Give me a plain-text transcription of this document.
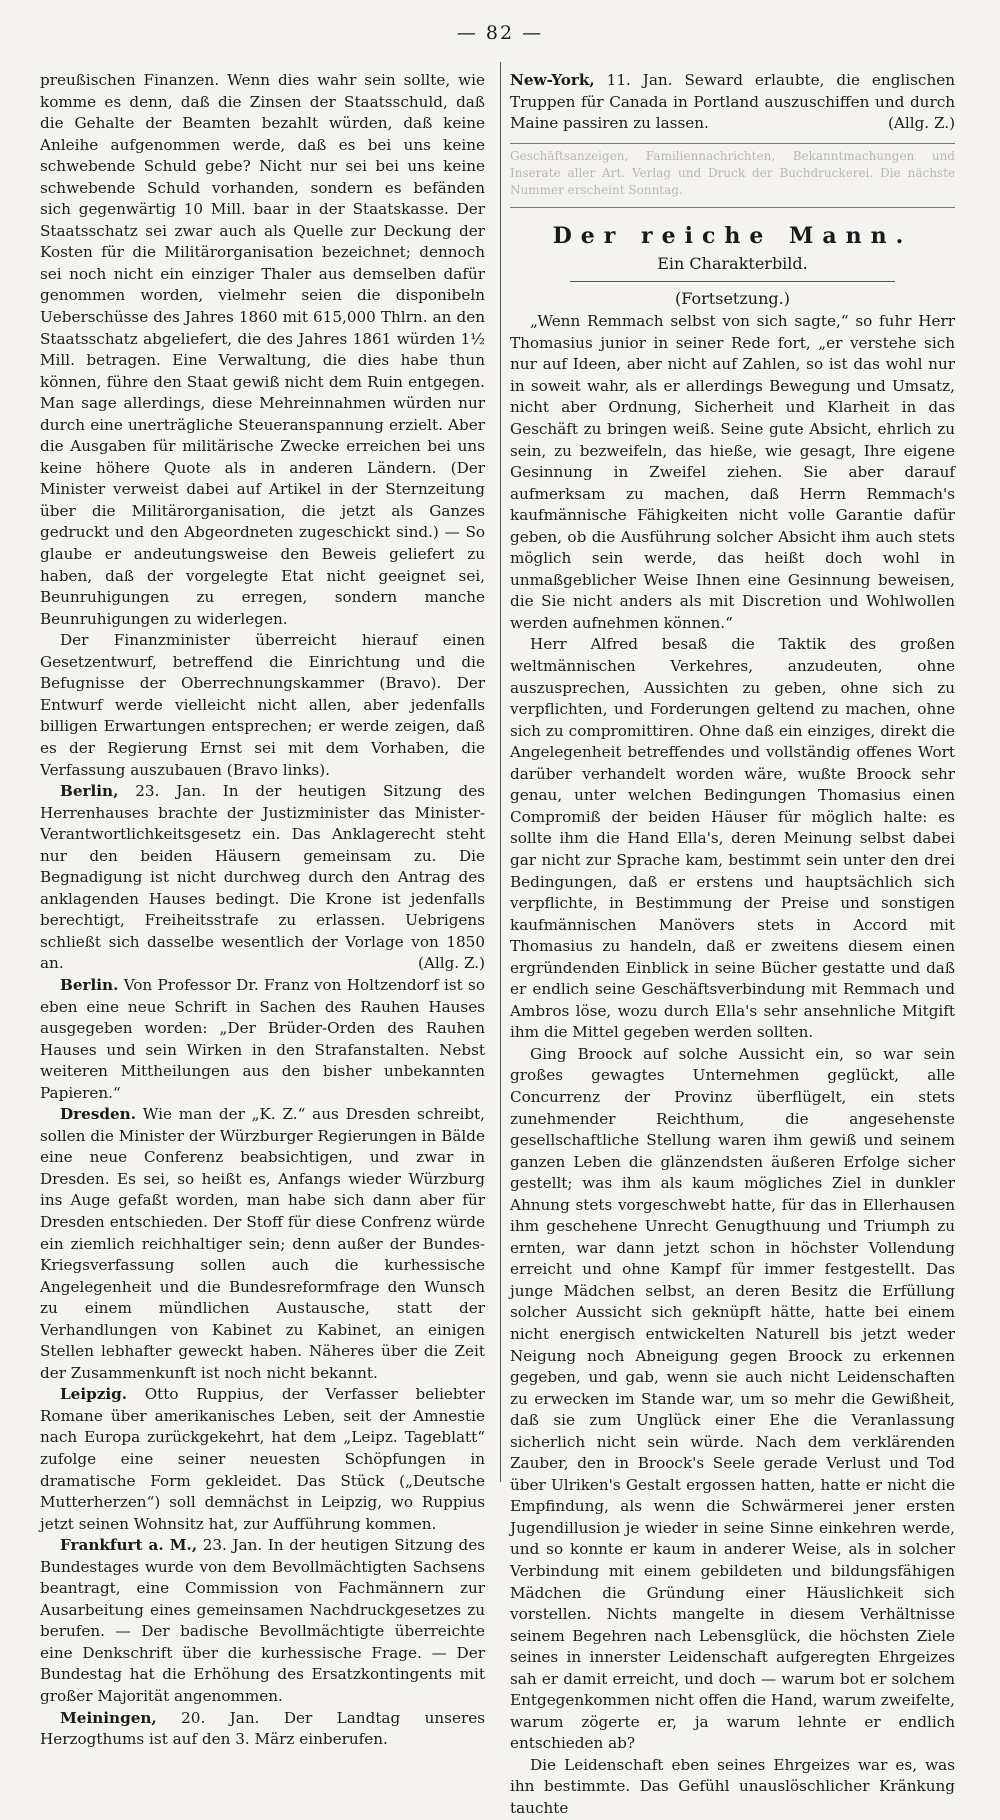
— 82 —

preußischen Finanzen. Wenn dies wahr sein sollte, wie komme es denn, daß die Zinsen der Staatsschuld, daß die Gehalte der Beamten bezahlt würden, daß keine Anleihe aufgenommen werde, daß es bei uns keine schwebende Schuld gebe? Nicht nur sei bei uns keine schwebende Schuld vorhanden, sondern es befänden sich gegenwärtig 10 Mill. baar in der Staatskasse. Der Staatsschatz sei zwar auch als Quelle zur Deckung der Kosten für die Militärorganisation bezeichnet; dennoch sei noch nicht ein einziger Thaler aus demselben dafür genommen worden, vielmehr seien die disponibeln Ueberschüsse des Jahres 1860 mit 615,000 Thlrn. an den Staatsschatz abgeliefert, die des Jahres 1861 würden 1½ Mill. betragen. Eine Verwaltung, die dies habe thun können, führe den Staat gewiß nicht dem Ruin entgegen. Man sage allerdings, diese Mehreinnahmen würden nur durch eine unerträgliche Steueranspannung erzielt. Aber die Ausgaben für militärische Zwecke erreichen bei uns keine höhere Quote als in anderen Ländern. (Der Minister verweist dabei auf Artikel in der Sternzeitung über die Militärorganisation, die jetzt als Ganzes gedruckt und den Abgeordneten zugeschickt sind.) — So glaube er andeutungsweise den Beweis geliefert zu haben, daß der vorgelegte Etat nicht geeignet sei, Beunruhigungen zu erregen, sondern manche Beunruhigungen zu widerlegen.

Der Finanzminister überreicht hierauf einen Gesetzentwurf, betreffend die Einrichtung und die Befugnisse der Oberrechnungskammer (Bravo). Der Entwurf werde vielleicht nicht allen, aber jedenfalls billigen Erwartungen entsprechen; er werde zeigen, daß es der Regierung Ernst sei mit dem Vorhaben, die Verfassung auszubauen (Bravo links).

Berlin, 23. Jan. In der heutigen Sitzung des Herrenhauses brachte der Justizminister das Minister-Verantwortlichkeitsgesetz ein. Das Anklagerecht steht nur den beiden Häusern gemeinsam zu. Die Begnadigung ist nicht durchweg durch den Antrag des anklagenden Hauses bedingt. Die Krone ist jedenfalls berechtigt, Freiheitsstrafe zu erlassen. Uebrigens schließt sich dasselbe wesentlich der Vorlage von 1850 an.	(Allg. Z.)

Berlin. Von Professor Dr. Franz von Holtzendorf ist so eben eine neue Schrift in Sachen des Rauhen Hauses ausgegeben worden: „Der Brüder-Orden des Rauhen Hauses und sein Wirken in den Strafanstalten. Nebst weiteren Mittheilungen aus den bisher unbekannten Papieren.“

Dresden. Wie man der „K. Z.“ aus Dresden schreibt, sollen die Minister der Würzburger Regierungen in Bälde eine neue Conferenz beabsichtigen, und zwar in Dresden. Es sei, so heißt es, Anfangs wieder Würzburg ins Auge gefaßt worden, man habe sich dann aber für Dresden entschieden. Der Stoff für diese Confrenz würde ein ziemlich reichhaltiger sein; denn außer der Bundes-Kriegsverfassung sollen auch die kurhessische Angelegenheit und die Bundesreformfrage den Wunsch zu einem mündlichen Austausche, statt der Verhandlungen von Kabinet zu Kabinet, an einigen Stellen lebhafter geweckt haben. Näheres über die Zeit der Zusammenkunft ist noch nicht bekannt.

Leipzig. Otto Ruppius, der Verfasser beliebter Romane über amerikanisches Leben, seit der Amnestie nach Europa zurückgekehrt, hat dem „Leipz. Tageblatt“ zufolge eine seiner neuesten Schöpfungen in dramatische Form gekleidet. Das Stück („Deutsche Mutterherzen“) soll demnächst in Leipzig, wo Ruppius jetzt seinen Wohnsitz hat, zur Aufführung kommen.

Frankfurt a. M., 23. Jan. In der heutigen Sitzung des Bundestages wurde von dem Bevollmächtigten Sachsens beantragt, eine Commission von Fachmännern zur Ausarbeitung eines gemeinsamen Nachdruckgesetzes zu berufen. — Der badische Bevollmächtigte überreichte eine Denkschrift über die kurhessische Frage. — Der Bundestag hat die Erhöhung des Ersatzkontingents mit großer Majorität angenommen.

Meiningen, 20. Jan. Der Landtag unseres Herzogthums ist auf den 3. März einberufen.

New-York, 11. Jan. Seward erlaubte, die englischen Truppen für Canada in Portland auszuschiffen und durch Maine passiren zu lassen.	(Allg. Z.)

Geschäftsanzeigen, Familiennachrichten, Bekanntmachungen und Inserate aller Art. Verlag und Druck der Buchdruckerei. Die nächste Nummer erscheint Sonntag.

Der reiche Mann.

Ein Charakterbild.

(Fortsetzung.)

„Wenn Remmach selbst von sich sagte,“ so fuhr Herr Thomasius junior in seiner Rede fort, „er verstehe sich nur auf Ideen, aber nicht auf Zahlen, so ist das wohl nur in soweit wahr, als er allerdings Bewegung und Umsatz, nicht aber Ordnung, Sicherheit und Klarheit in das Geschäft zu bringen weiß. Seine gute Absicht, ehrlich zu sein, zu bezweifeln, das hieße, wie gesagt, Ihre eigene Gesinnung in Zweifel ziehen. Sie aber darauf aufmerksam zu machen, daß Herrn Remmach's kaufmännische Fähigkeiten nicht volle Garantie dafür geben, ob die Ausführung solcher Absicht ihm auch stets möglich sein werde, das heißt doch wohl in unmaßgeblicher Weise Ihnen eine Gesinnung beweisen, die Sie nicht anders als mit Discretion und Wohlwollen werden aufnehmen können.“

Herr Alfred besaß die Taktik des großen weltmännischen Verkehres, anzudeuten, ohne auszusprechen, Aussichten zu geben, ohne sich zu verpflichten, und Forderungen geltend zu machen, ohne sich zu compromittiren. Ohne daß ein einziges, direkt die Angelegenheit betreffendes und vollständig offenes Wort darüber verhandelt worden wäre, wußte Broock sehr genau, unter welchen Bedingungen Thomasius einen Compromiß der beiden Häuser für möglich halte: es sollte ihm die Hand Ella's, deren Meinung selbst dabei gar nicht zur Sprache kam, bestimmt sein unter den drei Bedingungen, daß er erstens und hauptsächlich sich verpflichte, in Bestimmung der Preise und sonstigen kaufmännischen Manövers stets in Accord mit Thomasius zu handeln, daß er zweitens diesem einen ergründenden Einblick in seine Bücher gestatte und daß er endlich seine Geschäftsverbindung mit Remmach und Ambros löse, wozu durch Ella's sehr ansehnliche Mitgift ihm die Mittel gegeben werden sollten.

Ging Broock auf solche Aussicht ein, so war sein großes gewagtes Unternehmen geglückt, alle Concurrenz der Provinz überflügelt, ein stets zunehmender Reichthum, die angesehenste gesellschaftliche Stellung waren ihm gewiß und seinem ganzen Leben die glänzendsten äußeren Erfolge sicher gestellt; was ihm als kaum mögliches Ziel in dunkler Ahnung stets vorgeschwebt hatte, für das in Ellerhausen ihm geschehene Unrecht Genugthuung und Triumph zu ernten, war dann jetzt schon in höchster Vollendung erreicht und ohne Kampf für immer festgestellt. Das junge Mädchen selbst, an deren Besitz die Erfüllung solcher Aussicht sich geknüpft hätte, hatte bei einem nicht energisch entwickelten Naturell bis jetzt weder Neigung noch Abneigung gegen Broock zu erkennen gegeben, und gab, wenn sie auch nicht Leidenschaften zu erwecken im Stande war, um so mehr die Gewißheit, daß sie zum Unglück einer Ehe die Veranlassung sicherlich nicht sein würde. Nach dem verklärenden Zauber, den in Broock's Seele gerade Verlust und Tod über Ulriken's Gestalt ergossen hatten, hatte er nicht die Empfindung, als wenn die Schwärmerei jener ersten Jugendillusion je wieder in seine Sinne einkehren werde, und so konnte er kaum in anderer Weise, als in solcher Verbindung mit einem gebildeten und bildungsfähigen Mädchen die Gründung einer Häuslichkeit sich vorstellen. Nichts mangelte in diesem Verhältnisse seinem Begehren nach Lebensglück, die höchsten Ziele seines in innerster Leidenschaft aufgeregten Ehrgeizes sah er damit erreicht, und doch — warum bot er solchem Entgegenkommen nicht offen die Hand, warum zweifelte, warum zögerte er, ja warum lehnte er endlich entschieden ab?

Die Leidenschaft eben seines Ehrgeizes war es, was ihn bestimmte. Das Gefühl unauslöschlicher Kränkung tauchte
